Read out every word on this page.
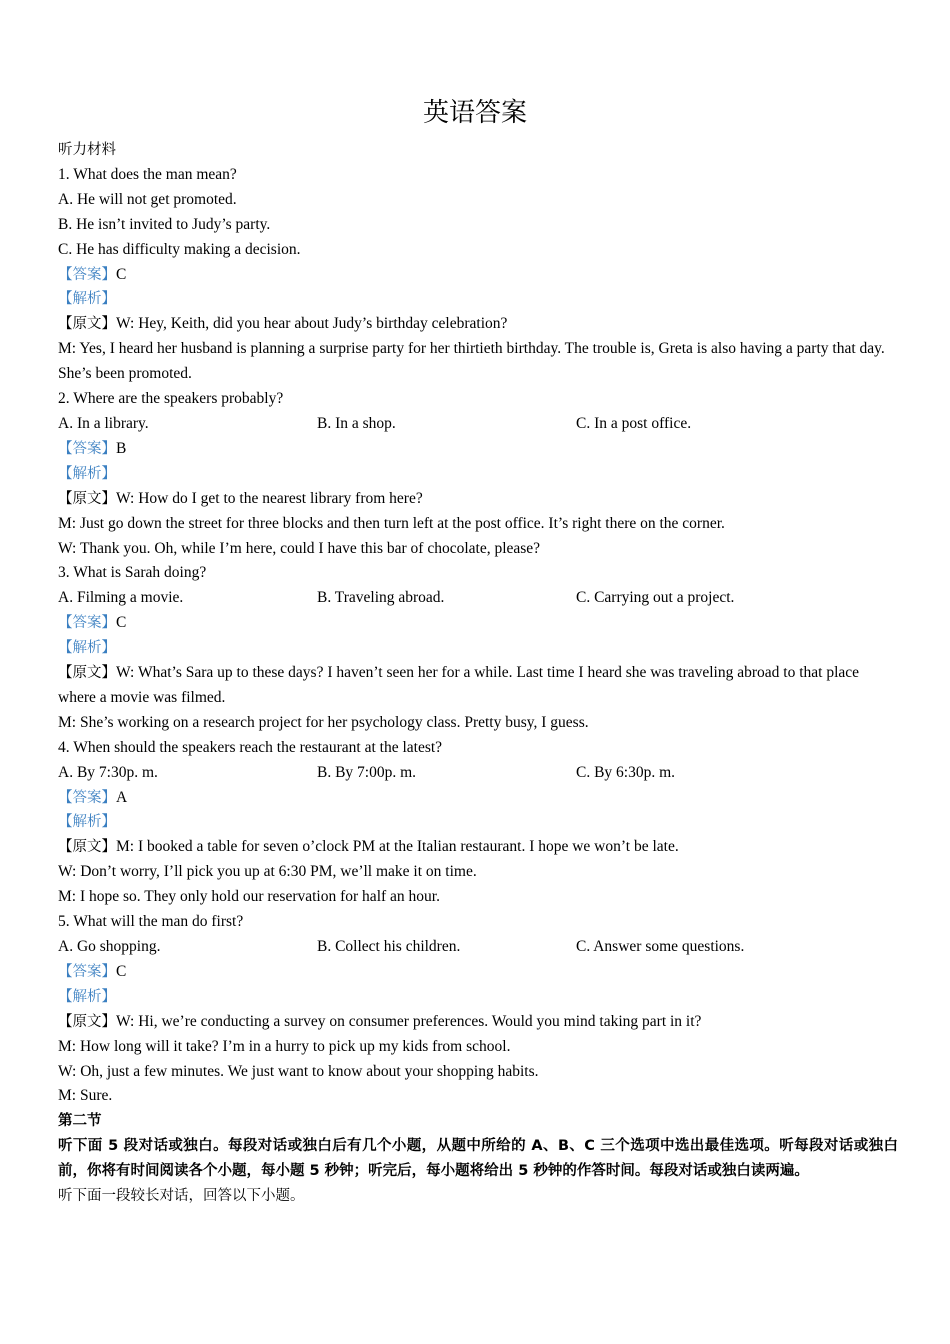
英语答案
听力材料
1. What does the man mean?
A. He will not get promoted.
B. He isn’t invited to Judy’s party.
C. He has difficulty making a decision.
【答案】C
【解析】
【原文】W: Hey, Keith, did you hear about Judy’s birthday celebration?
M: Yes, I heard her husband is planning a surprise party for her thirtieth birthday. The trouble is, Greta is also having a party that day. She’s been promoted.
2. Where are the speakers probably?
A. In a library.	B. In a shop.	C. In a post office.
【答案】B
【解析】
【原文】W: How do I get to the nearest library from here?
M: Just go down the street for three blocks and then turn left at the post office. It’s right there on the corner.
W: Thank you. Oh, while I’m here, could I have this bar of chocolate, please?
3. What is Sarah doing?
A. Filming a movie.	B. Traveling abroad.	C. Carrying out a project.
【答案】C
【解析】
【原文】W: What’s Sara up to these days? I haven’t seen her for a while. Last time I heard she was traveling abroad to that place where a movie was filmed.
M: She’s working on a research project for her psychology class. Pretty busy, I guess.
4. When should the speakers reach the restaurant at the latest?
A. By 7:30p. m.	B. By 7:00p. m.	C. By 6:30p. m.
【答案】A
【解析】
【原文】M: I booked a table for seven o’clock PM at the Italian restaurant. I hope we won’t be late.
W: Don’t worry, I’ll pick you up at 6:30 PM, we’ll make it on time.
M: I hope so. They only hold our reservation for half an hour.
5. What will the man do first?
A. Go shopping.	B. Collect his children.	C. Answer some questions.
【答案】C
【解析】
【原文】W: Hi, we’re conducting a survey on consumer preferences. Would you mind taking part in it?
M: How long will it take? I’m in a hurry to pick up my kids from school.
W: Oh, just a few minutes. We just want to know about your shopping habits.
M: Sure.
第二节
听下面 5 段对话或独白。每段对话或独白后有几个小题，从题中所给的 A、B、C 三个选项中选出最佳选项。听每段对话或独白前，你将有时间阅读各个小题，每小题 5 秒钟；听完后，每小题将给出 5 秒钟的作答时间。每段对话或独白读两遍。
听下面一段较长对话，回答以下小题。
